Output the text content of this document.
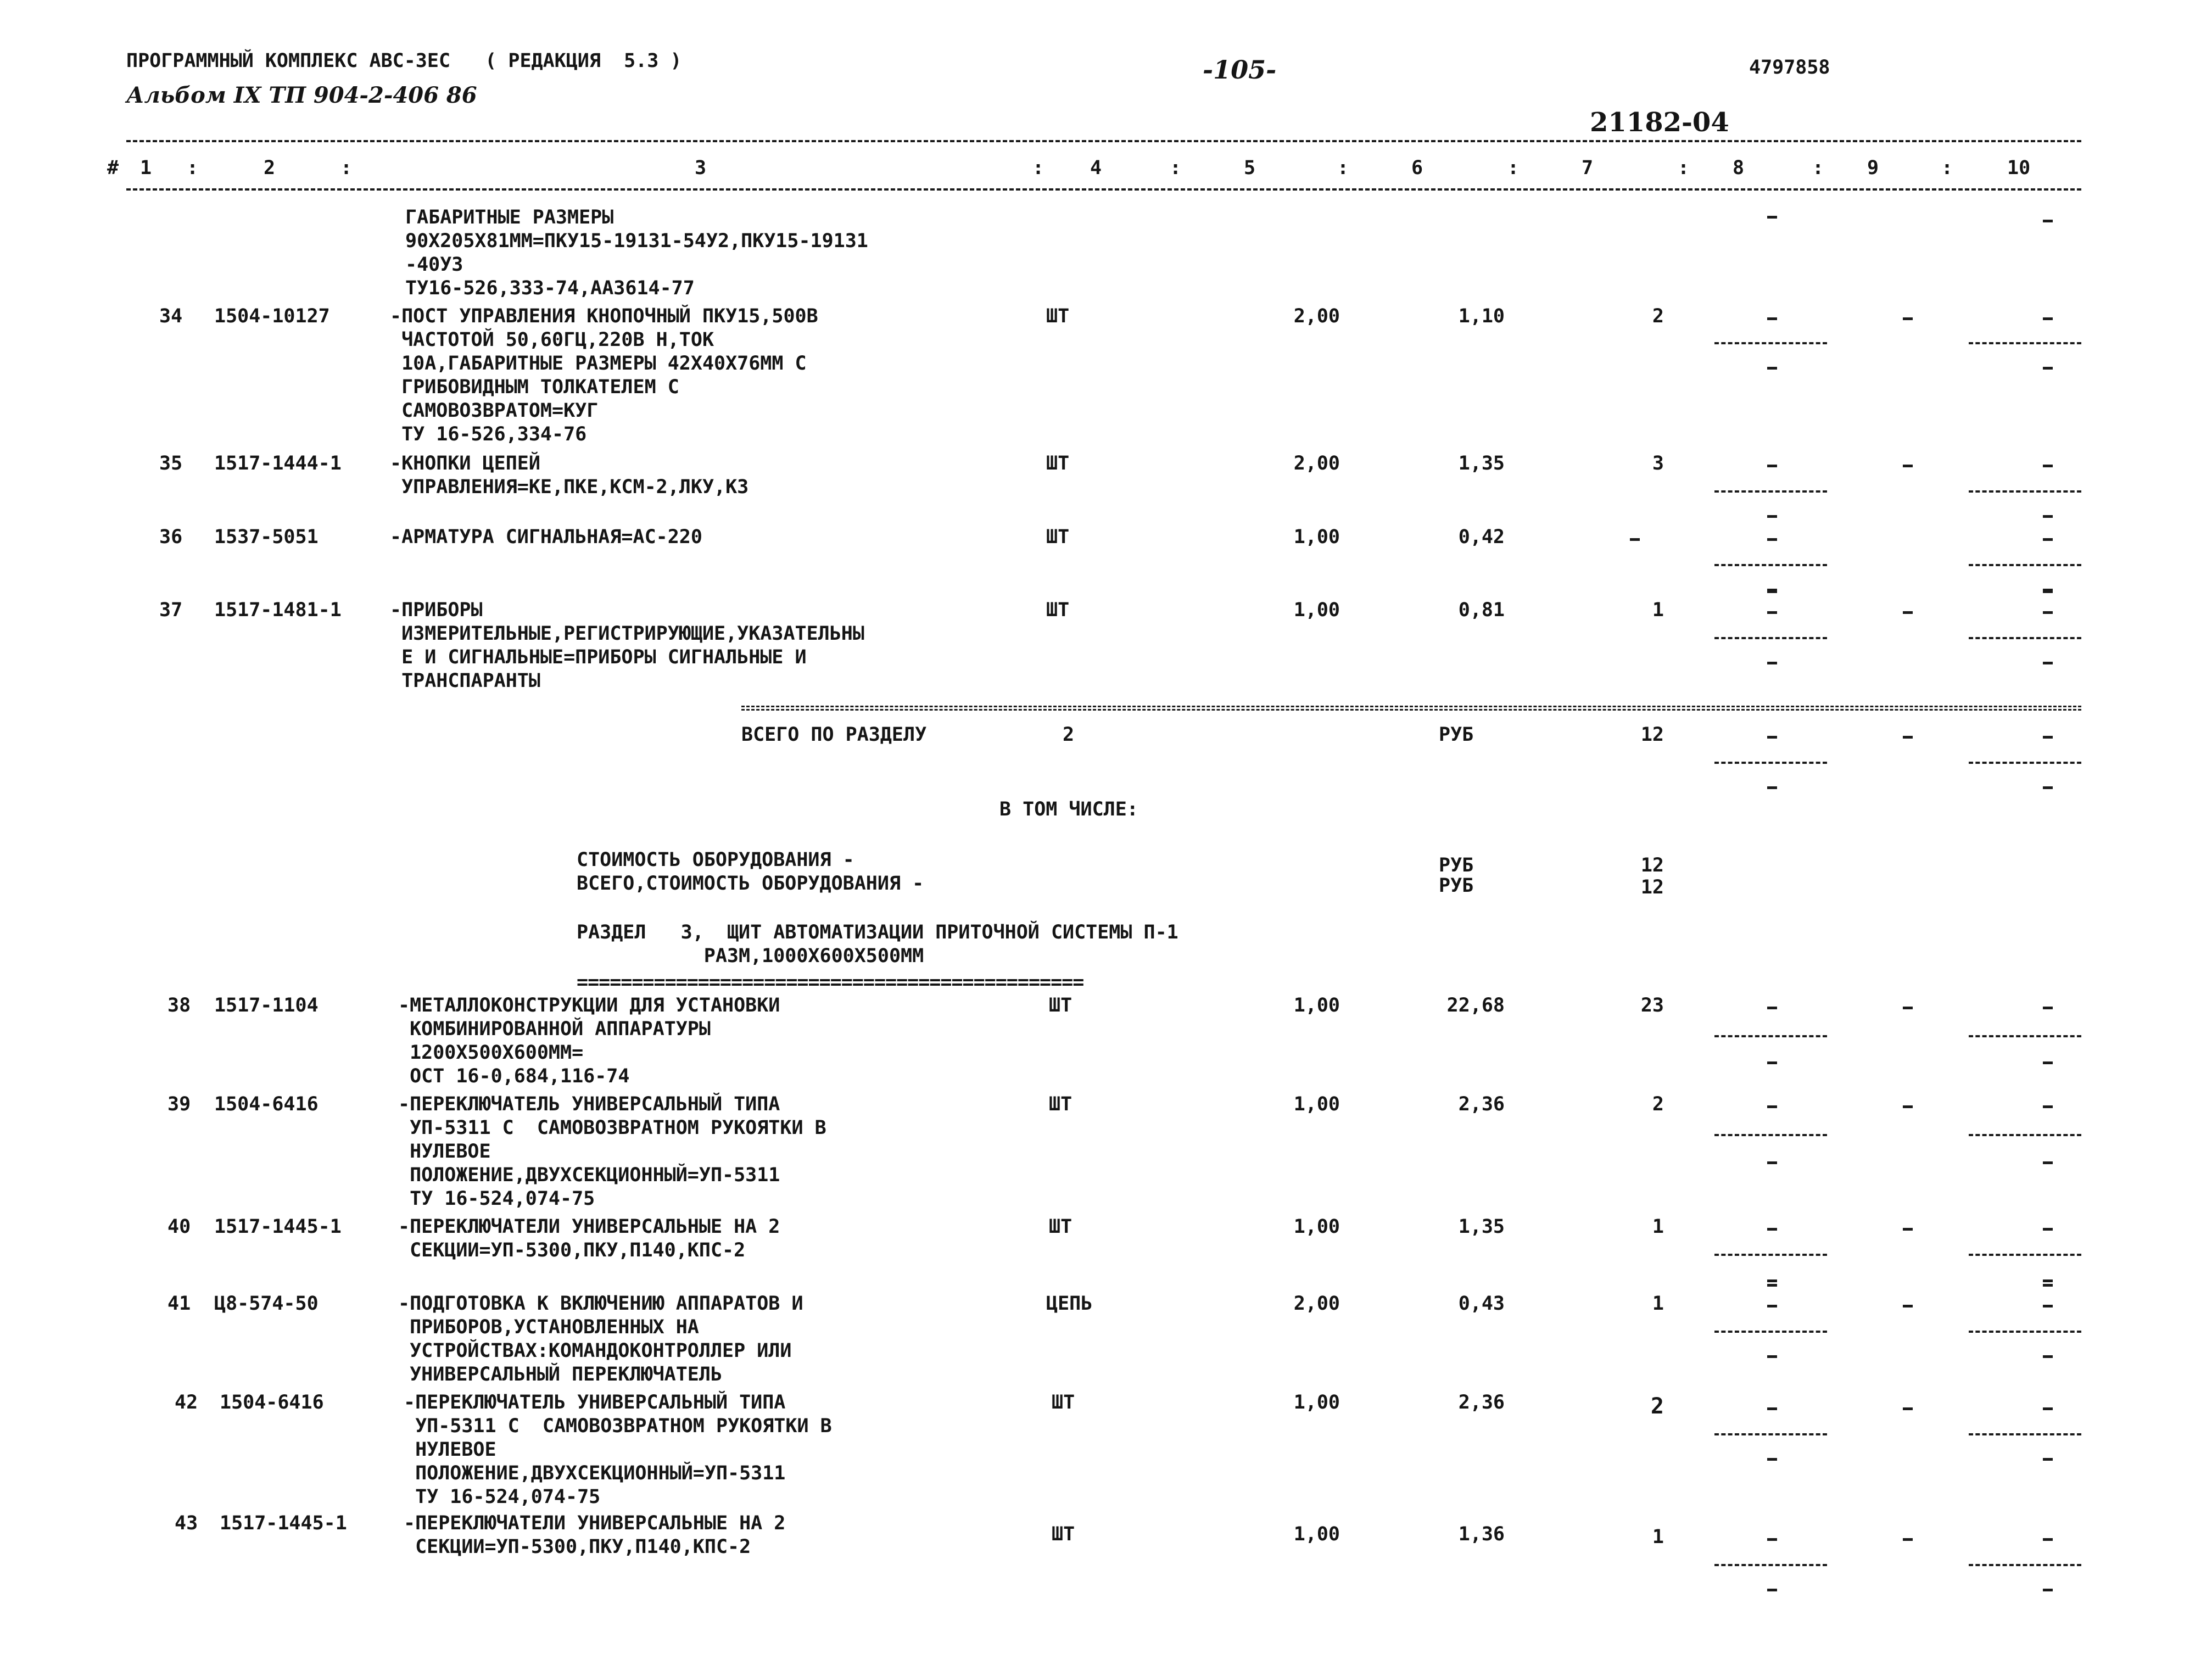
ПРОГРАММНЫЙ КОМПЛЕКС АВС-3ЕС   ( РЕДАКЦИЯ  5.3 )
Альбом IX ТП 904-2-406 86
-105-	4797858
21182-04
# 1 :	2	:	3	: 4	:	5	:	6	:	7	: 8	: 9	:	10
ГАБАРИТНЫЕ РАЗМЕРЫ
90Х205Х81ММ=ПКУ15-19131-54У2,ПКУ15-19131
-40У3
ТУ16-526,333-74,АА3614-77
34 1504-10127	-ПОСТ УПРАВЛЕНИЯ КНОПОЧНЫЙ ПКУ15,500В
ЧАСТОТОЙ 50,60ГЦ,220В Н,ТОК
10А,ГАБАРИТНЫЕ РАЗМЕРЫ 42Х40Х76ММ С
ГРИБОВИДНЫМ ТОЛКАТЕЛЕМ С
САМОВОЗВРАТОМ=КУГ
ТУ 16-526,334-76
ШТ	2,00	1,10	2
35 1517-1444-1	-КНОПКИ ЦЕПЕЙ
УПРАВЛЕНИЯ=КЕ,ПКЕ,КСМ-2,ЛКУ,КЗ
ШТ	2,00	1,35	3
36 1537-5051	-АРМАТУРА СИГНАЛЬНАЯ=АС-220	ШТ	1,00	0,42
37 1517-1481-1	-ПРИБОРЫ
ИЗМЕРИТЕЛЬНЫЕ,РЕГИСТРИРУЮЩИЕ,УКАЗАТЕЛЬНЫ
Е И СИГНАЛЬНЫЕ=ПРИБОРЫ СИГНАЛЬНЫЕ И
ТРАНСПАРАНТЫ
ШТ	1,00	0,81	1
ВСЕГО ПО РАЗДЕЛУ	2	РУБ	12
В ТОМ ЧИСЛЕ:
СТОИМОСТЬ ОБОРУДОВАНИЯ -	РУБ	12
ВСЕГО,СТОИМОСТЬ ОБОРУДОВАНИЯ -	РУБ	12
РАЗДЕЛ   3,  ЩИТ АВТОМАТИЗАЦИИ ПРИТОЧНОЙ СИСТЕМЫ П-1
РАЗМ,1000Х600Х500ММ
==============================================
38 1517-1104	-МЕТАЛЛОКОНСТРУКЦИИ ДЛЯ УСТАНОВКИ
КОМБИНИРОВАННОЙ АППАРАТУРЫ
1200Х500Х600ММ=
ОСТ 16-0,684,116-74
ШТ	1,00	22,68	23
39 1504-6416	-ПЕРЕКЛЮЧАТЕЛЬ УНИВЕРСАЛЬНЫЙ ТИПА
УП-5311 С  САМОВОЗВРАТНОМ РУКОЯТКИ В
НУЛЕВОЕ
ПОЛОЖЕНИЕ,ДВУХСЕКЦИОННЫЙ=УП-5311
ТУ 16-524,074-75
ШТ	1,00	2,36	2
40 1517-1445-1	-ПЕРЕКЛЮЧАТЕЛИ УНИВЕРСАЛЬНЫЕ НА 2
СЕКЦИИ=УП-5300,ПКУ,П140,КПС-2
ШТ	1,00	1,35	1
41 Ц8-574-50	-ПОДГОТОВКА К ВКЛЮЧЕНИЮ АППАРАТОВ И
ПРИБОРОВ,УСТАНОВЛЕННЫХ НА
УСТРОЙСТВАХ:КОМАНДОКОНТРОЛЛЕР ИЛИ
УНИВЕРСАЛЬНЫЙ ПЕРЕКЛЮЧАТЕЛЬ
ЦЕПЬ	2,00	0,43	1
42 1504-6416	-ПЕРЕКЛЮЧАТЕЛЬ УНИВЕРСАЛЬНЫЙ ТИПА
УП-5311 С  САМОВОЗВРАТНОМ РУКОЯТКИ В
НУЛЕВОЕ
ПОЛОЖЕНИЕ,ДВУХСЕКЦИОННЫЙ=УП-5311
ТУ 16-524,074-75
ШТ	1,00	2,36	2
43 1517-1445-1	-ПЕРЕКЛЮЧАТЕЛИ УНИВЕРСАЛЬНЫЕ НА 2
СЕКЦИИ=УП-5300,ПКУ,П140,КПС-2
ШТ	1,00	1,36	1
